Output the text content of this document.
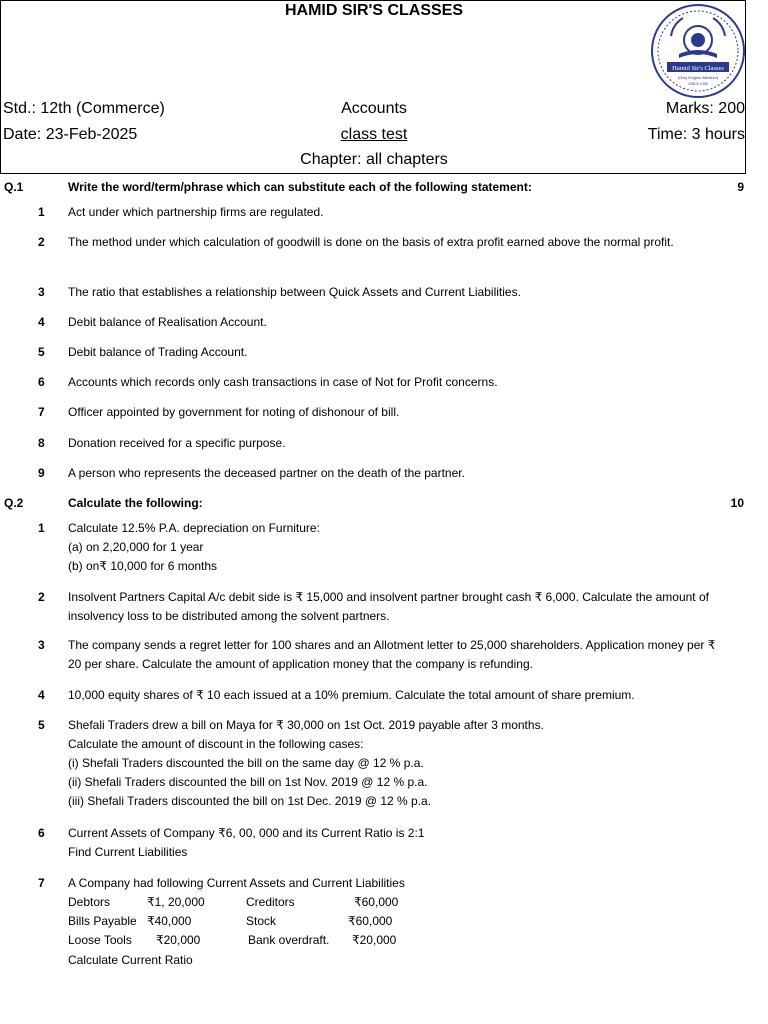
HAMID SIR'S CLASSES
Hamid Sir's Classes
(Only English Medium)
SINCE 1998
Std.: 12th (Commerce)	Accounts	Marks: 200
Date: 23-Feb-2025	class test	Time: 3 hours
Chapter: all chapters
Q.1	Write the word/term/phrase which can substitute each of the following statement:	9
1 Act under which partnership firms are regulated.
2 The method under which calculation of goodwill is done on the basis of extra profit earned above the normal profit.
3 The ratio that establishes a relationship between Quick Assets and Current Liabilities.
4 Debit balance of Realisation Account.
5 Debit balance of Trading Account.
6 Accounts which records only cash transactions in case of Not for Profit concerns.
7 Officer appointed by government for noting of dishonour of bill.
8 Donation received for a specific purpose.
9 A person who represents the deceased partner on the death of the partner.
Q.2	Calculate the following:	10
1 Calculate 12.5% P.A. depreciation on Furniture:
(a) on 2,20,000 for 1 year
(b) on₹ 10,000 for 6 months
2 Insolvent Partners Capital A/c debit side is ₹ 15,000 and insolvent partner brought cash ₹ 6,000. Calculate the amount of insolvency loss to be distributed among the solvent partners.
3 The company sends a regret letter for 100 shares and an Allotment letter to 25,000 shareholders. Application money per ₹ 20 per share. Calculate the amount of application money that the company is refunding.
4 10,000 equity shares of ₹ 10 each issued at a 10% premium. Calculate the total amount of share premium.
5 Shefali Traders drew a bill on Maya for ₹ 30,000 on 1st Oct. 2019 payable after 3 months.
Calculate the amount of discount in the following cases:
(i) Shefali Traders discounted the bill on the same day @ 12 % p.a.
(ii) Shefali Traders discounted the bill on 1st Nov. 2019 @ 12 % p.a.
(iii) Shefali Traders discounted the bill on 1st Dec. 2019 @ 12 % p.a.
6 Current Assets of Company ₹6, 00, 000 and its Current Ratio is 2:1
Find Current Liabilities
7 A Company had following Current Assets and Current Liabilities
Debtors	₹1, 20,000	Creditors	₹60,000
Bills Payable ₹40,000	Stock	₹60,000
Loose Tools ₹20,000	Bank overdraft. ₹20,000
Calculate Current Ratio
